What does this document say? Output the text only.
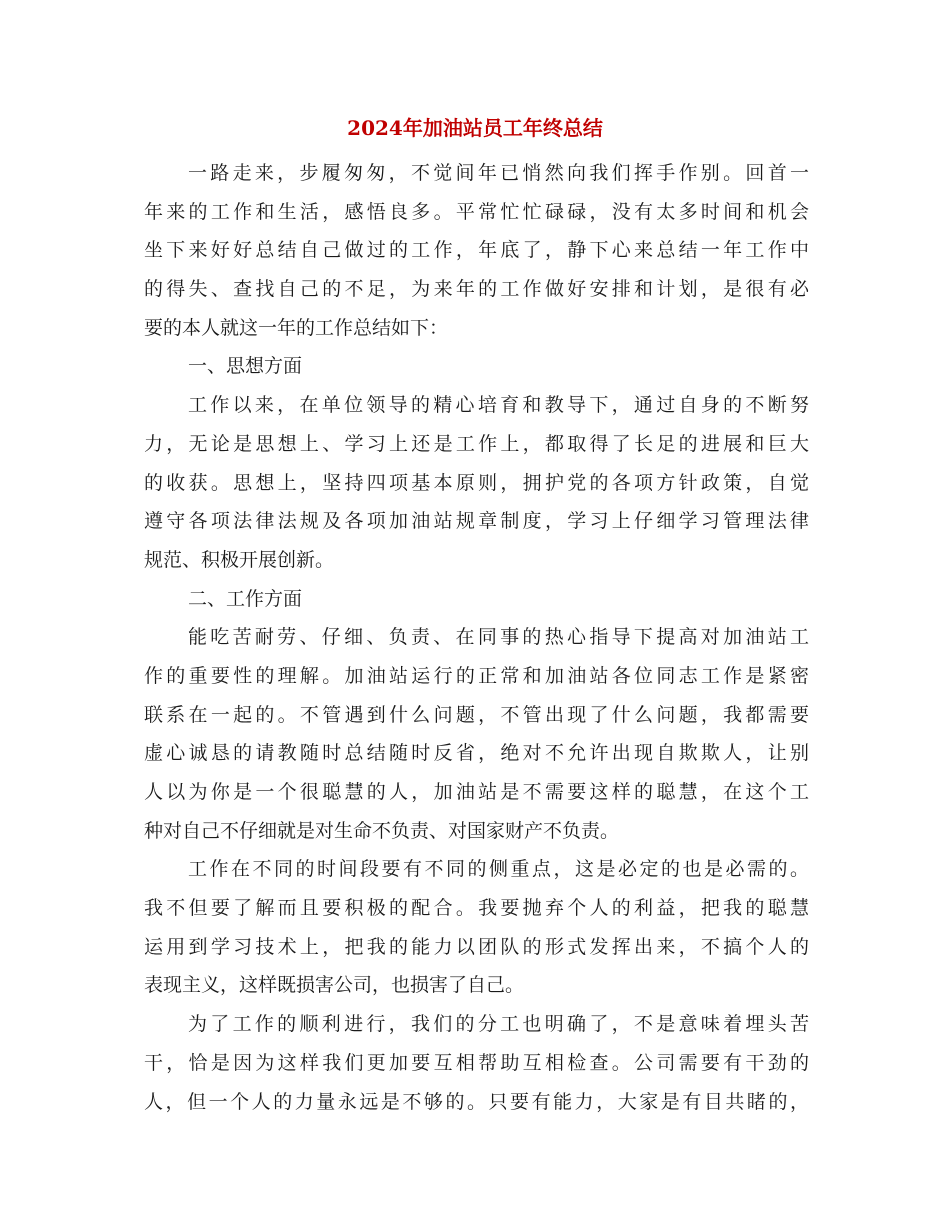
2024年加油站员工年终总结
一路走来，步履匆匆，不觉间年已悄然向我们挥手作别。回首一
年来的工作和生活，感悟良多。平常忙忙碌碌，没有太多时间和机会
坐下来好好总结自己做过的工作，年底了，静下心来总结一年工作中
的得失、查找自己的不足，为来年的工作做好安排和计划，是很有必
要的本人就这一年的工作总结如下：
一、思想方面
工作以来，在单位领导的精心培育和教导下，通过自身的不断努
力，无论是思想上、学习上还是工作上，都取得了长足的进展和巨大
的收获。思想上，坚持四项基本原则，拥护党的各项方针政策，自觉
遵守各项法律法规及各项加油站规章制度，学习上仔细学习管理法律
规范、积极开展创新。
二、工作方面
能吃苦耐劳、仔细、负责、在同事的热心指导下提高对加油站工
作的重要性的理解。加油站运行的正常和加油站各位同志工作是紧密
联系在一起的。不管遇到什么问题，不管出现了什么问题，我都需要
虚心诚恳的请教随时总结随时反省，绝对不允许出现自欺欺人，让别
人以为你是一个很聪慧的人，加油站是不需要这样的聪慧，在这个工
种对自己不仔细就是对生命不负责、对国家财产不负责。
工作在不同的时间段要有不同的侧重点，这是必定的也是必需的。
我不但要了解而且要积极的配合。我要抛弃个人的利益，把我的聪慧
运用到学习技术上，把我的能力以团队的形式发挥出来，不搞个人的
表现主义，这样既损害公司，也损害了自己。
为了工作的顺利进行，我们的分工也明确了，不是意味着埋头苦
干，恰是因为这样我们更加要互相帮助互相检查。公司需要有干劲的
人，但一个人的力量永远是不够的。只要有能力，大家是有目共睹的，
